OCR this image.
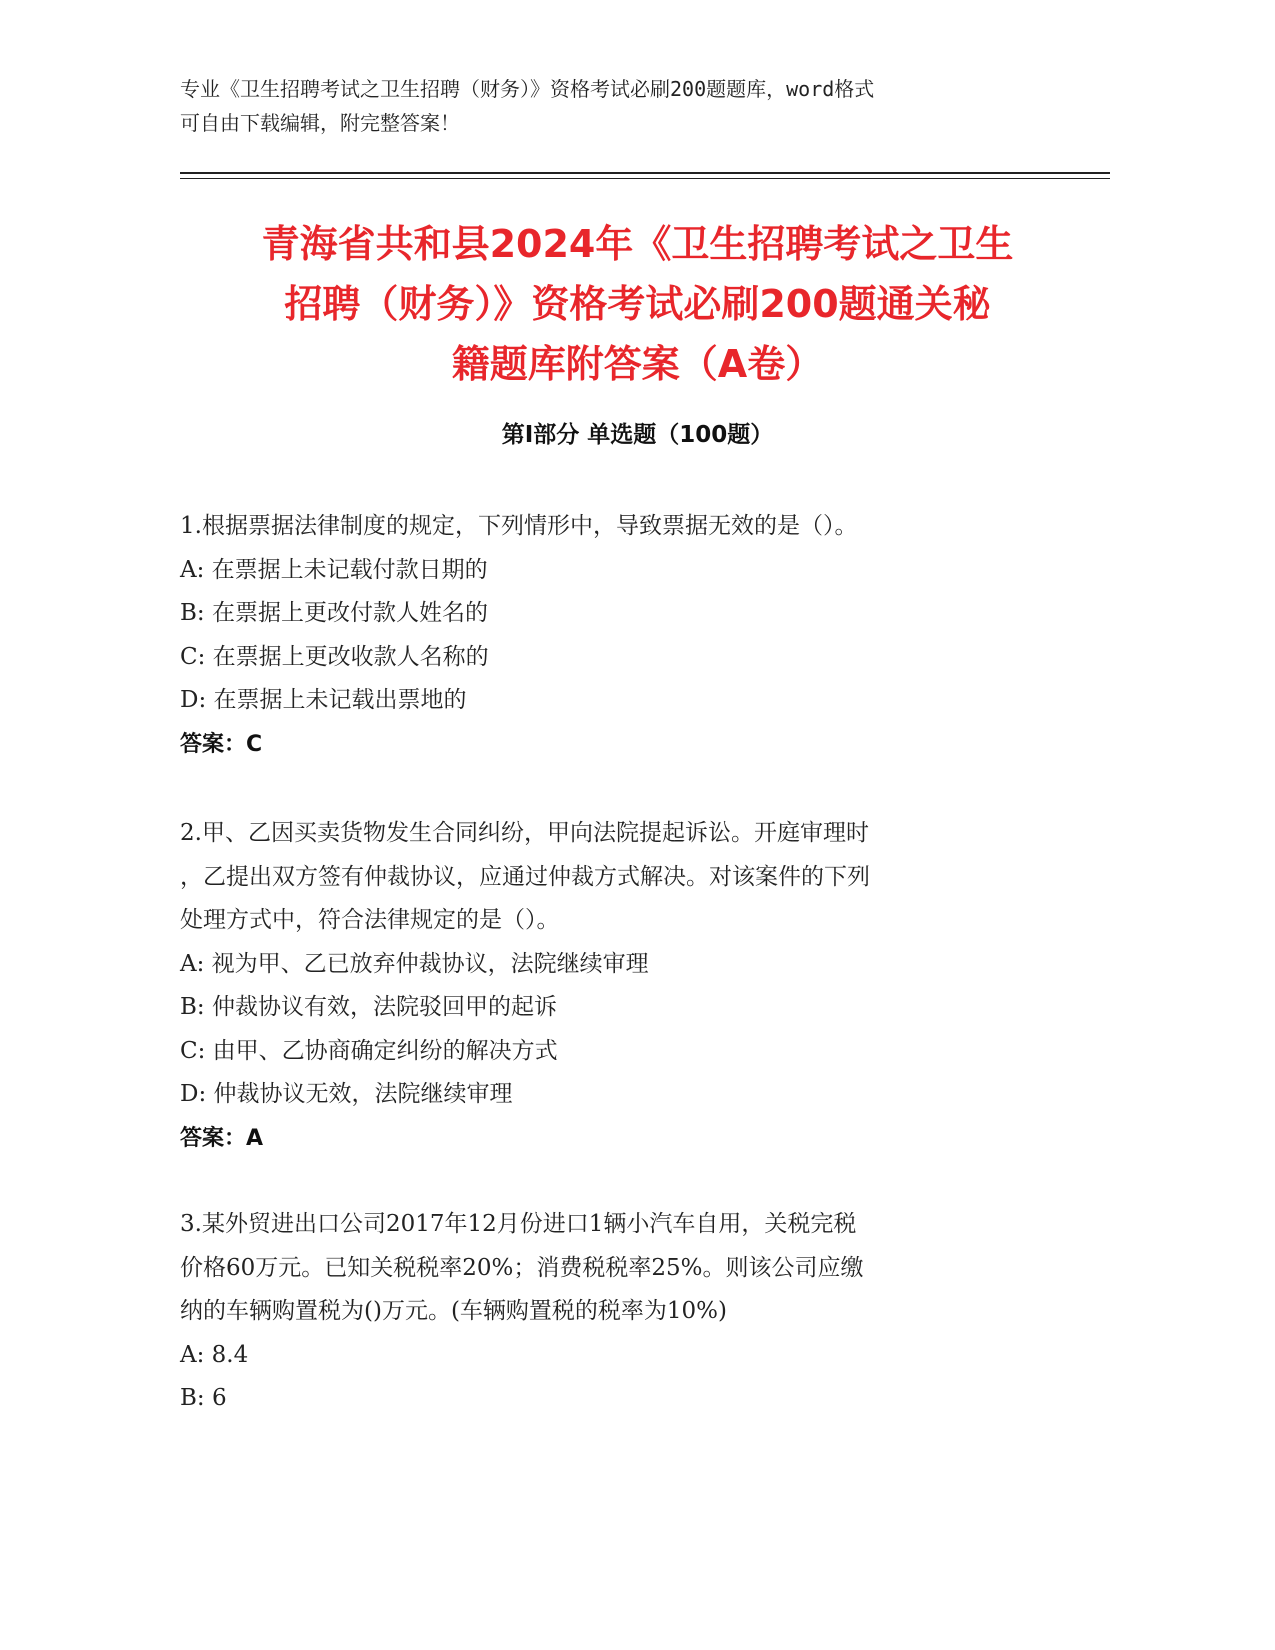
专业《卫生招聘考试之卫生招聘（财务）》资格考试必刷200题题库，word格式
可自由下载编辑，附完整答案！
青海省共和县2024年《卫生招聘考试之卫生
招聘（财务）》资格考试必刷200题通关秘
籍题库附答案（A卷）
第Ⅰ部分 单选题（100题）
1.根据票据法律制度的规定，下列情形中，导致票据无效的是（）。
A: 在票据上未记载付款日期的
B: 在票据上更改付款人姓名的
C: 在票据上更改收款人名称的
D: 在票据上未记载出票地的
答案：C
2.甲、乙因买卖货物发生合同纠纷，甲向法院提起诉讼。开庭审理时
，乙提出双方签有仲裁协议，应通过仲裁方式解决。对该案件的下列
处理方式中，符合法律规定的是（）。
A: 视为甲、乙已放弃仲裁协议，法院继续审理
B: 仲裁协议有效，法院驳回甲的起诉
C: 由甲、乙协商确定纠纷的解决方式
D: 仲裁协议无效，法院继续审理
答案：A
3.某外贸进出口公司2017年12月份进口1辆小汽车自用，关税完税
价格60万元。已知关税税率20%；消费税税率25%。则该公司应缴
纳的车辆购置税为()万元。(车辆购置税的税率为10%)
A: 8.4
B: 6
